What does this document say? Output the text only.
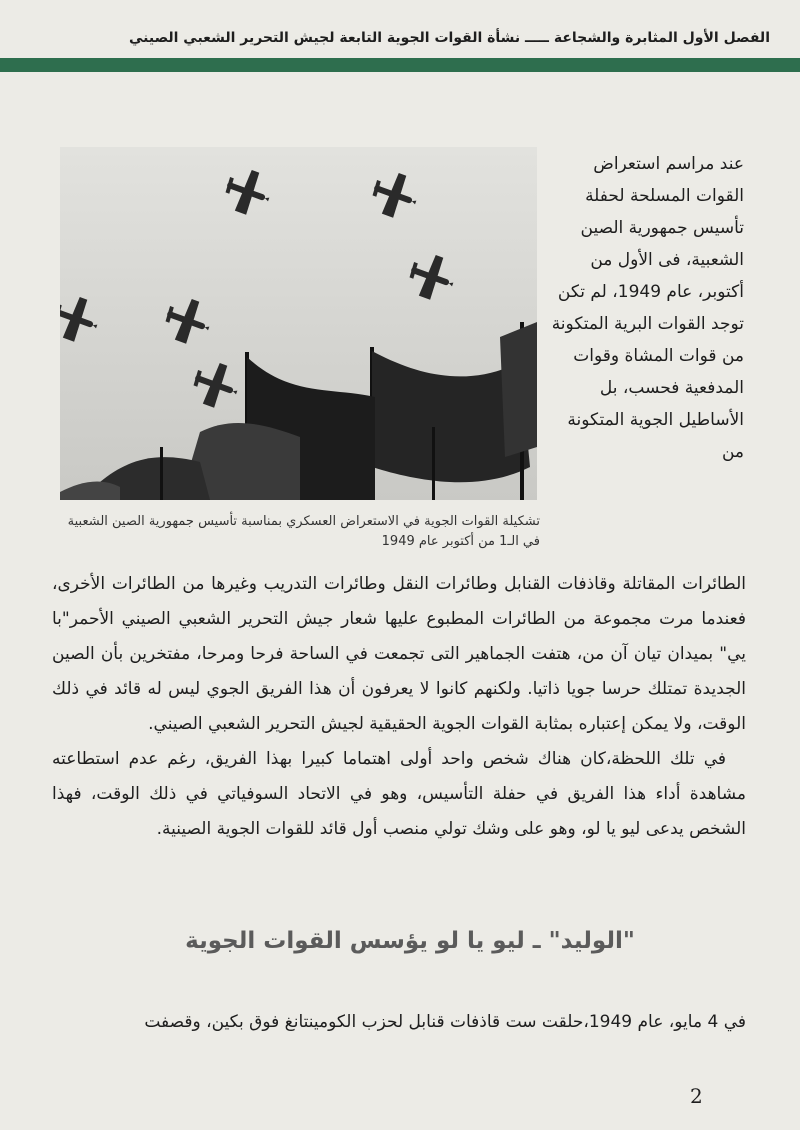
الفصل الأول المثابرة والشجاعة ـــــ نشأة القوات الجوية التابعة لجيش التحرير الشعبي الصيني
تشكيلة القوات الجوية في الاستعراض العسكري بمناسبة تأسيس جمهورية الصين الشعبية
في الـ1 من أكتوبر عام 1949
عند مراسم استعراض القوات المسلحة لحفلة تأسيس جمهورية الصين الشعبية، فى الأول من أكتوبر، عام 1949، لم تكن توجد القوات البرية المتكونة من قوات المشاة وقوات المدفعية فحسب، بل الأساطيل الجوية المتكونة من

الطائرات المقاتلة وقاذفات القنابل وطائرات النقل وطائرات التدريب وغيرها من الطائرات الأخرى، فعندما مرت مجموعة من الطائرات المطبوع عليها شعار جيش التحرير الشعبي الصيني الأحمر"با يي" بميدان تيان آن من، هتفت الجماهير التى تجمعت في الساحة فرحا ومرحا، مفتخرين بأن الصين الجديدة تمتلك حرسا جويا ذاتيا. ولكنهم كانوا لا يعرفون أن هذا الفريق الجوي ليس له قائد في ذلك الوقت، ولا يمكن إعتباره بمثابة القوات الجوية الحقيقية لجيش التحرير الشعبي الصيني.

في تلك اللحظة،كان هناك شخص واحد أولى اهتماما كبيرا بهذا الفريق، رغم عدم استطاعته مشاهدة أداء هذا الفريق في حفلة التأسيس، وهو في الاتحاد السوفياتي في ذلك الوقت، فهذا الشخص يدعى ليو يا لو، وهو على وشك تولي منصب أول قائد للقوات الجوية الصينية.

"الوليد" ـ ليو يا لو يؤسس القوات الجوية
في 4 مايو، عام 1949،حلقت ست قاذفات قنابل لحزب الكومينتانغ فوق بكين، وقصفت
2
